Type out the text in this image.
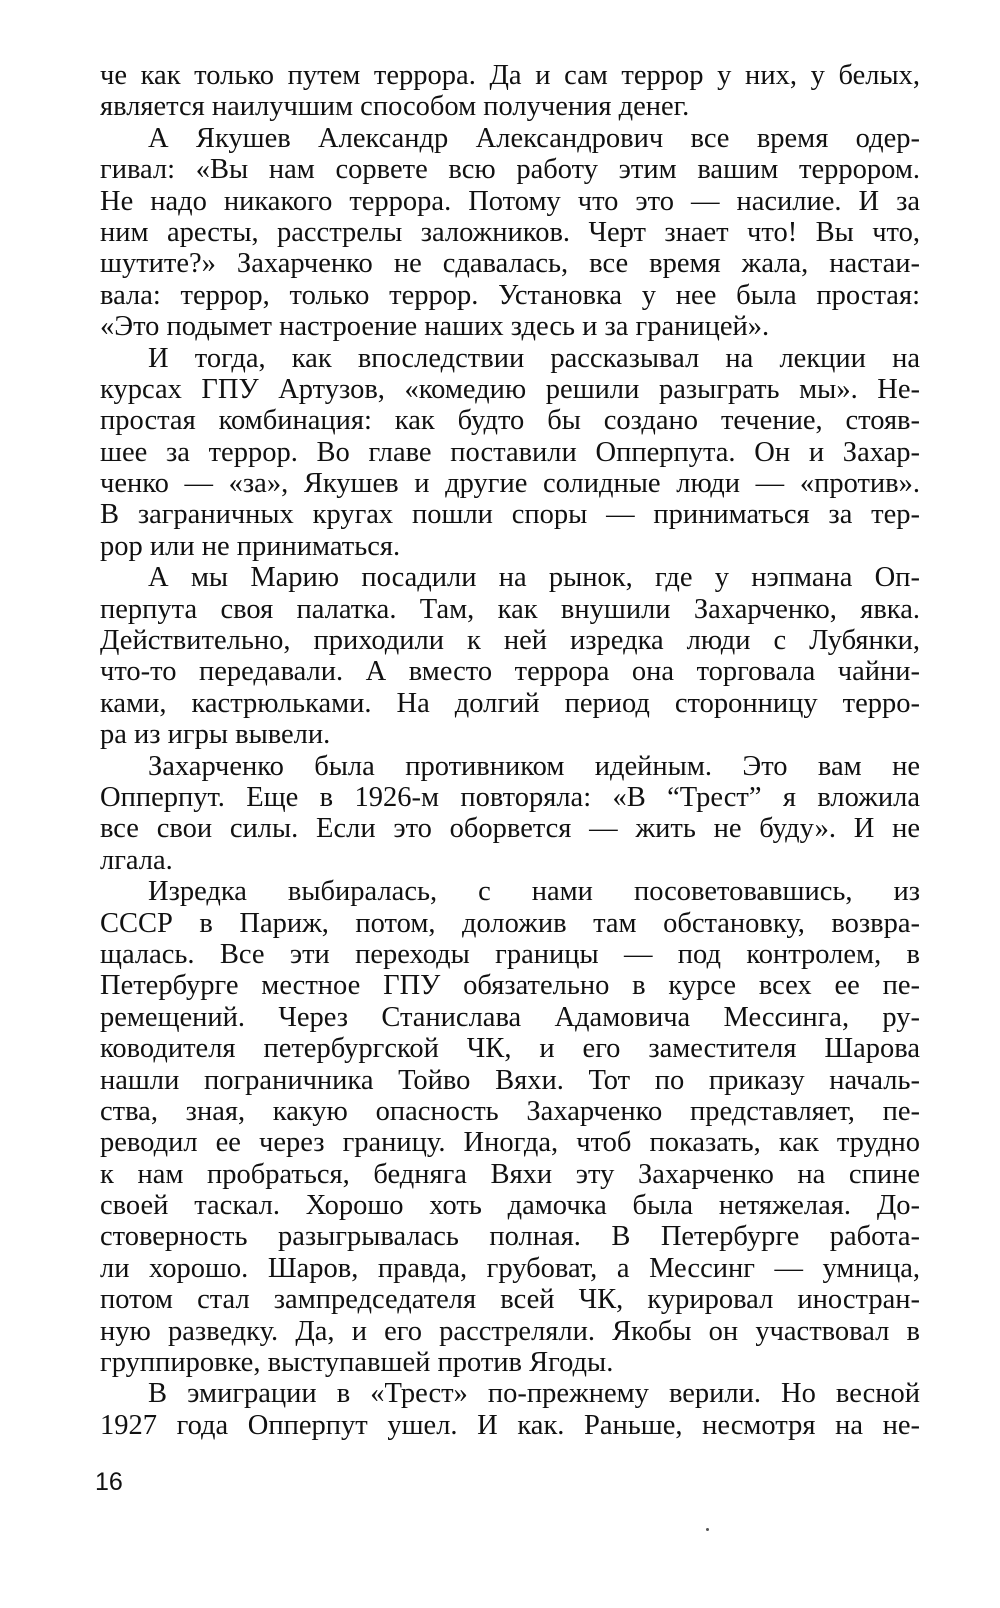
че как только путем террора. Да и сам террор у них, у белых,
является наилучшим способом получения денег.
А Якушев Александр Александрович все время одер-
гивал: «Вы нам сорвете всю работу этим вашим террором.
Не надо никакого террора. Потому что это — насилие. И за
ним аресты, расстрелы заложников. Черт знает что! Вы что,
шутите?» Захарченко не сдавалась, все время жала, настаи-
вала: террор, только террор. Установка у нее была простая:
«Это подымет настроение наших здесь и за границей».
И тогда, как впоследствии рассказывал на лекции на
курсах ГПУ Артузов, «комедию решили разыграть мы». Не-
простая комбинация: как будто бы создано течение, стояв-
шее за террор. Во главе поставили Опперпута. Он и Захар-
ченко — «за», Якушев и другие солидные люди — «против».
В заграничных кругах пошли споры — приниматься за тер-
рор или не приниматься.
А мы Марию посадили на рынок, где у нэпмана Оп-
перпута своя палатка. Там, как внушили Захарченко, явка.
Действительно, приходили к ней изредка люди с Лубянки,
что-то передавали. А вместо террора она торговала чайни-
ками, кастрюльками. На долгий период сторонницу терро-
ра из игры вывели.
Захарченко была противником идейным. Это вам не
Опперпут. Еще в 1926-м повторяла: «В “Трест” я вложила
все свои силы. Если это оборвется — жить не буду». И не
лгала.
Изредка выбиралась, с нами посоветовавшись, из
СССР в Париж, потом, доложив там обстановку, возвра-
щалась. Все эти переходы границы — под контролем, в
Петербурге местное ГПУ обязательно в курсе всех ее пе-
ремещений. Через Станислава Адамовича Мессинга, ру-
ководителя петербургской ЧК, и его заместителя Шарова
нашли пограничника Тойво Вяхи. Тот по приказу началь-
ства, зная, какую опасность Захарченко представляет, пе-
реводил ее через границу. Иногда, чтоб показать, как трудно
к нам пробраться, бедняга Вяхи эту Захарченко на спине
своей таскал. Хорошо хоть дамочка была нетяжелая. До-
стоверность разыгрывалась полная. В Петербурге работа-
ли хорошо. Шаров, правда, грубоват, а Мессинг — умница,
потом стал зампредседателя всей ЧК, курировал иностран-
ную разведку. Да, и его расстреляли. Якобы он участвовал в
группировке, выступавшей против Ягоды.
В эмиграции в «Трест» по-прежнему верили. Но весной
1927 года Опперпут ушел. И как. Раньше, несмотря на не-
16
